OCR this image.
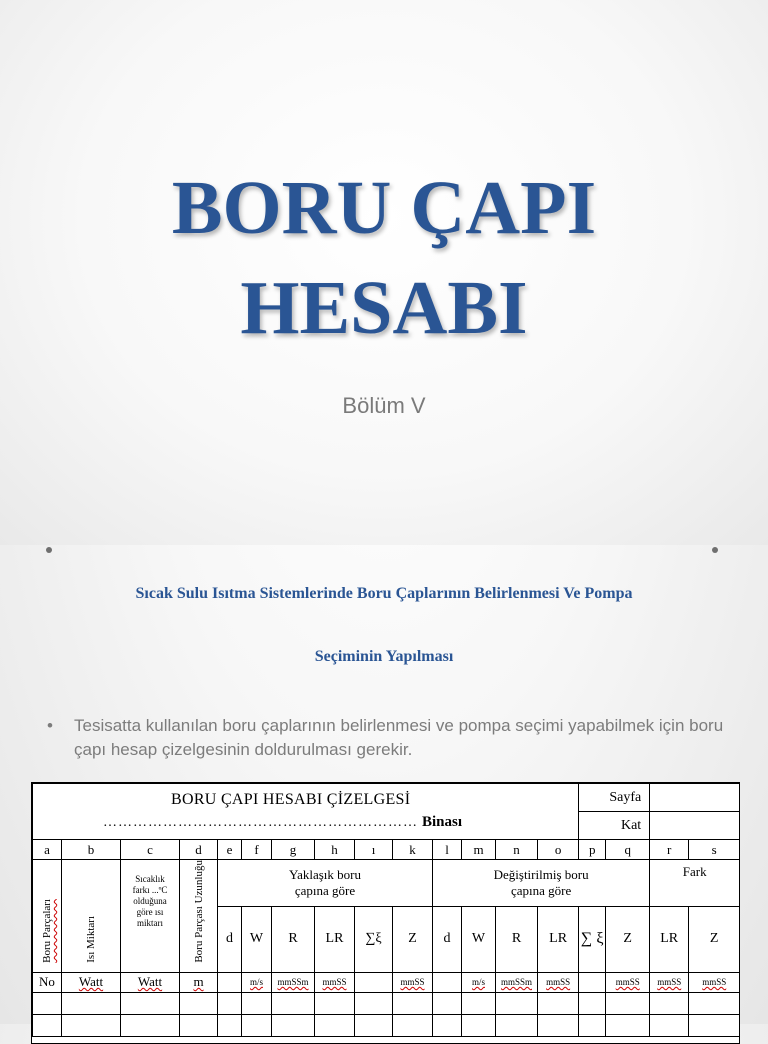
BORU ÇAPI
HESABI
Bölüm V
Sıcak Sulu Isıtma Sistemlerinde Boru Çaplarının Belirlenmesi Ve Pompa
Seçiminin Yapılması
• Tesisatta kullanılan boru çaplarının belirlenmesi ve pompa seçimi yapabilmek için boru çapı hesap çizelgesinin doldurulması gerekir.
BORU ÇAPI HESABI ÇİZELGESİ
……………………………………………………… Binası														Sayfa			
														Kat			
a	b	c	d	e	f	g	h	ı	k	l	m	n	o	p	q	r	s
Boru Parçaları	Isı Miktarı	Sıcaklık farkı ...ºC olduğuna göre ısı miktarı	Boru Parçası Uzunluğu	Yaklaşık boru çapına göre						Değiştirilmiş boru çapına göre						Fark	
				d	W	R	LR	∑ξ	Z	d	W	R	LR	∑ ξ	Z	LR	Z
No	Watt	Watt	m		m/s	mmSSm	mmSS		mmSS		m/s	mmSSm	mmSS		mmSS	mmSS	mmSS
